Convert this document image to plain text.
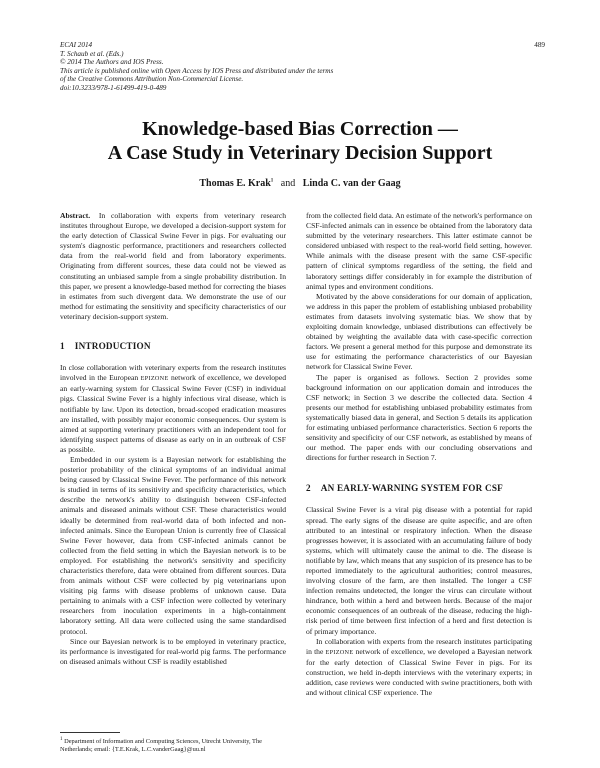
ECAI 2014
T. Schaub et al. (Eds.)
© 2014 The Authors and IOS Press.
This article is published online with Open Access by IOS Press and distributed under the terms
of the Creative Commons Attribution Non-Commercial License.
doi:10.3233/978-1-61499-419-0-489
489
Knowledge-based Bias Correction —
A Case Study in Veterinary Decision Support
Thomas E. Krak$^1$ and Linda C. van der Gaag

Abstract. In collaboration with experts from veterinary research institutes throughout Europe, we developed a decision-support system for the early detection of Classical Swine Fever in pigs. For evaluating our system's diagnostic performance, practitioners and researchers collected data from the real-world field and from laboratory experiments. Originating from different sources, these data could not be viewed as constituting an unbiased sample from a single probability distribution. In this paper, we present a knowledge-based method for correcting the biases in estimates from such divergent data. We demonstrate the use of our method for estimating the sensitivity and specificity characteristics of our veterinary decision-support system.

1 INTRODUCTION

In close collaboration with veterinary experts from the research institutes involved in the European EPIZONE network of excellence, we developed an early-warning system for Classical Swine Fever (CSF) in individual pigs. Classical Swine Fever is a highly infectious viral disease, which is notifiable by law. Upon its detection, broad-scoped eradication measures are installed, with possibly major economic consequences. Our system is aimed at supporting veterinary practitioners with an independent tool for identifying suspect patterns of disease as early on in an outbreak of CSF as possible.

Embedded in our system is a Bayesian network for establishing the posterior probability of the clinical symptoms of an individual animal being caused by Classical Swine Fever. The performance of this network is studied in terms of its sensitivity and specificity characteristics, which describe the network's ability to distinguish between CSF-infected animals and diseased animals without CSF. These characteristics would ideally be determined from real-world data of both infected and non-infected animals. Since the European Union is currently free of Classical Swine Fever however, data from CSF-infected animals cannot be collected from the field setting in which the Bayesian network is to be employed. For establishing the network's sensitivity and specificity characteristics therefore, data were obtained from different sources. Data from animals without CSF were collected by pig veterinarians upon visiting pig farms with disease problems of unknown cause. Data pertaining to animals with a CSF infection were collected by veterinary researchers from inoculation experiments in a high-containment laboratory setting. All data were collected using the same standardised protocol.

Since our Bayesian network is to be employed in veterinary practice, its performance is investigated for real-world pig farms. The performance on diseased animals without CSF is readily established

from the collected field data. An estimate of the network's performance on CSF-infected animals can in essence be obtained from the laboratory data submitted by the veterinary researchers. This latter estimate cannot be considered unbiased with respect to the real-world field setting, however. While animals with the disease present with the same CSF-specific pattern of clinical symptoms regardless of the setting, the field and laboratory settings differ considerably in for example the distribution of animal types and environment conditions.

Motivated by the above considerations for our domain of application, we address in this paper the problem of establishing unbiased probability estimates from datasets involving systematic bias. We show that by exploiting domain knowledge, unbiased distributions can effectively be obtained by weighting the available data with case-specific correction factors. We present a general method for this purpose and demonstrate its use for estimating the performance characteristics of our Bayesian network for Classical Swine Fever.

The paper is organised as follows. Section 2 provides some background information on our application domain and introduces the CSF network; in Section 3 we describe the collected data. Section 4 presents our method for establishing unbiased probability estimates from systematically biased data in general, and Section 5 details its application for estimating unbiased performance characteristics. Section 6 reports the sensitivity and specificity of our CSF network, as established by means of our method. The paper ends with our concluding observations and directions for further research in Section 7.

2 AN EARLY-WARNING SYSTEM FOR CSF

Classical Swine Fever is a viral pig disease with a potential for rapid spread. The early signs of the disease are quite aspecific, and are often attributed to an intestinal or respiratory infection. When the disease progresses however, it is associated with an accumulating failure of body systems, which will ultimately cause the animal to die. The disease is notifiable by law, which means that any suspicion of its presence has to be reported immediately to the agricultural authorities; control measures, involving closure of the farm, are then installed. The longer a CSF infection remains undetected, the longer the virus can circulate without hindrance, both within a herd and between herds. Because of the major economic consequences of an outbreak of the disease, reducing the high-risk period of time between first infection of a herd and first detection is of primary importance.

In collaboration with experts from the research institutes participating in the EPIZONE network of excellence, we developed a Bayesian network for the early detection of Classical Swine Fever in pigs. For its construction, we held in-depth interviews with the veterinary experts; in addition, case reviews were conducted with swine practitioners, both with and without clinical CSF experience. The

$^1$ Department of Information and Computing Sciences, Utrecht University, The Netherlands; email: {T.E.Krak, L.C.vanderGaag}@uu.nl
